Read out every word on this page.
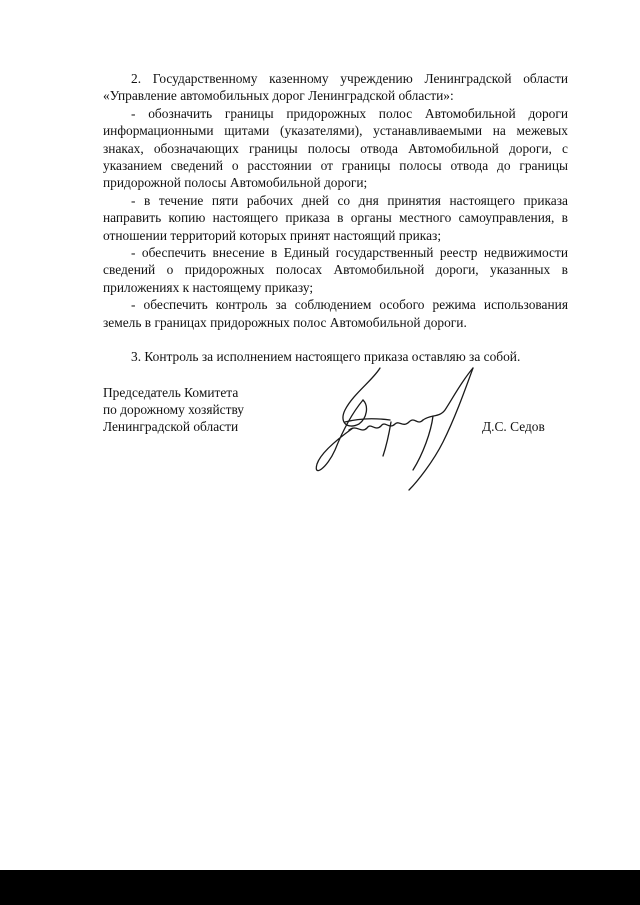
2. Государственному казенному учреждению Ленинградской области «Управление автомобильных дорог Ленинградской области»:

- обозначить границы придорожных полос Автомобильной дороги информационными щитами (указателями), устанавливаемыми на межевых знаках, обозначающих границы полосы отвода Автомобильной дороги, с указанием сведений о расстоянии от границы полосы отвода до границы придорожной полосы Автомобильной дороги;

- в течение пяти рабочих дней со дня принятия настоящего приказа направить копию настоящего приказа в органы местного самоуправления, в отношении территорий которых принят настоящий приказ;

- обеспечить внесение в Единый государственный реестр недвижимости сведений о придорожных полосах Автомобильной дороги, указанных в приложениях к настоящему приказу;

- обеспечить контроль за соблюдением особого режима использования земель в границах придорожных полос Автомобильной дороги.

3. Контроль за исполнением настоящего приказа оставляю за собой.

Председатель Комитета
по дорожному хозяйству
Ленинградской области	Д.С. Седов
